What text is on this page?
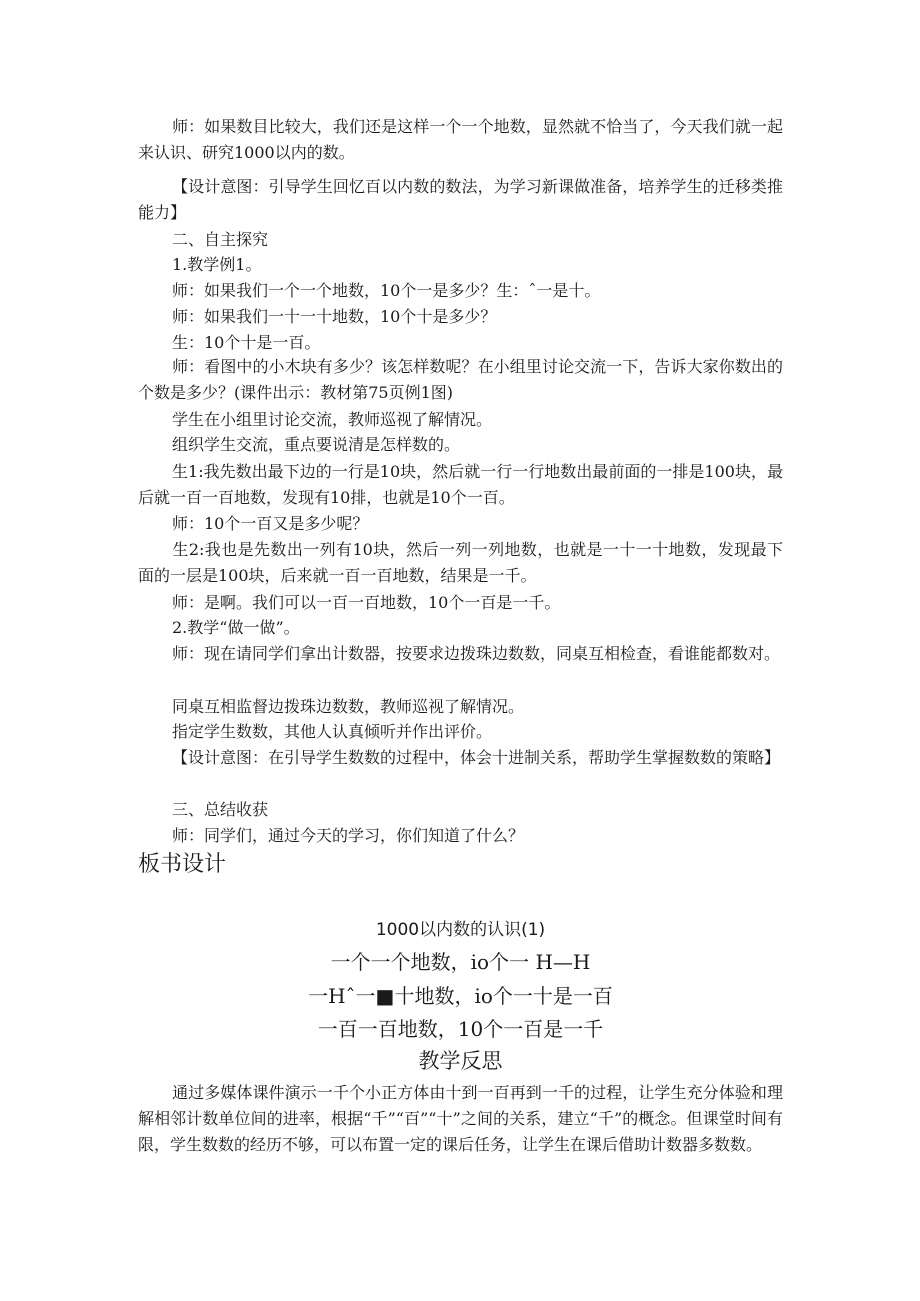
师：如果数目比较大，我们还是这样一个一个地数，显然就不恰当了，今天我们就一起来认识、研究1000以内的数。

【设计意图：引导学生回忆百以内数的数法，为学习新课做准备，培养学生的迁移类推能力】

二、自主探究

1.教学例1。

师：如果我们一个一个地数，10个一是多少？生：ˆ一是十。

师：如果我们一十一十地数，10个十是多少？

生：10个十是一百。

师：看图中的小木块有多少？该怎样数呢？在小组里讨论交流一下，告诉大家你数出的个数是多少？(课件出示：教材第75页例1图)

学生在小组里讨论交流，教师巡视了解情况。

组织学生交流，重点要说清是怎样数的。

生1:我先数出最下边的一行是10块，然后就一行一行地数出最前面的一排是100块，最后就一百一百地数，发现有10排，也就是10个一百。

师：10个一百又是多少呢？

生2:我也是先数出一列有10块，然后一列一列地数，也就是一十一十地数，发现最下面的一层是100块，后来就一百一百地数，结果是一千。

师：是啊。我们可以一百一百地数，10个一百是一千。

2.教学“做一做”。

师：现在请同学们拿出计数器，按要求边拨珠边数数，同桌互相检查，看谁能都数对。

同桌互相监督边拨珠边数数，教师巡视了解情况。

指定学生数数，其他人认真倾听并作出评价。

【设计意图：在引导学生数数的过程中，体会十进制关系，帮助学生掌握数数的策略】

三、总结收获

师：同学们，通过今天的学习，你们知道了什么？

板书设计
1000以内数的认识(1)
一个一个地数，io个一 H—H
一Hˆ一■十地数，io个一十是一百
一百一百地数，10个一百是一千
教学反思

通过多媒体课件演示一千个小正方体由十到一百再到一千的过程，让学生充分体验和理解相邻计数单位间的进率，根据“千”“百”“十”之间的关系，建立“千”的概念。但课堂时间有限，学生数数的经历不够，可以布置一定的课后任务，让学生在课后借助计数器多数数。
